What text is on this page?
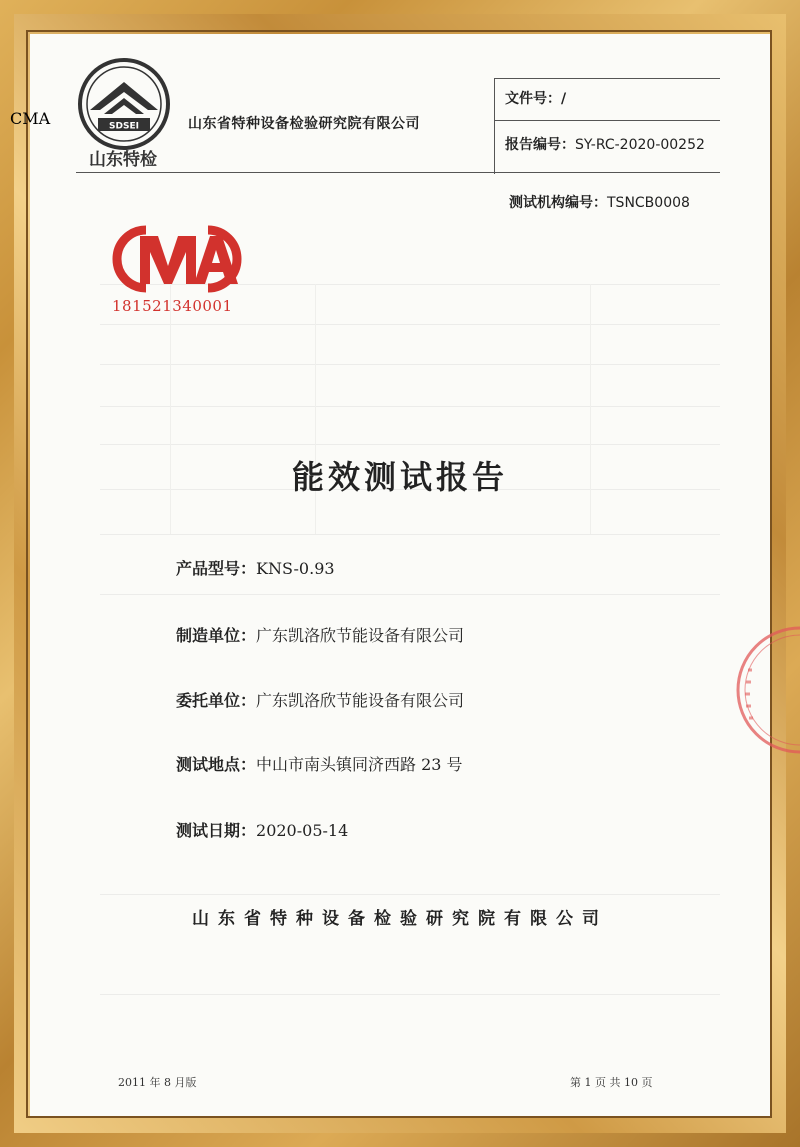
SDSEI
山东特检
山东省特种设备检验研究院有限公司
文件号：/
报告编号：SY-RC-2020-00252
测试机构编号：TSNCB0008
CMA
181521340001
能效测试报告
产品型号：KNS-0.93
制造单位：广东凯洛欣节能设备有限公司
委托单位：广东凯洛欣节能设备有限公司
测试地点：中山市南头镇同济西路 23 号
测试日期：2020-05-14
山东省特种设备检验研究院有限公司
2011 年 8 月版	第 1 页 共 10 页
